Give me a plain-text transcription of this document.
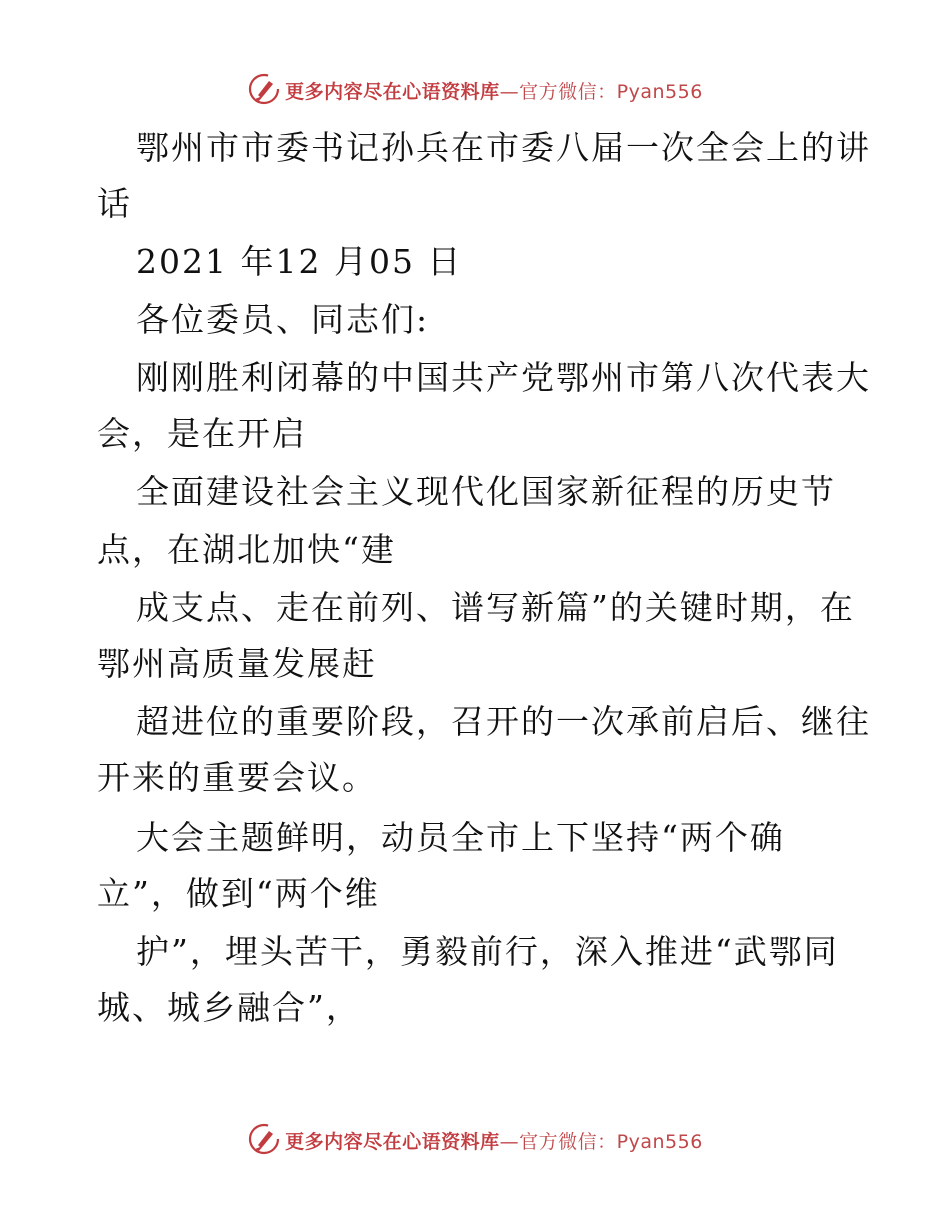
更多内容尽在心语资料库—官方微信：Pyan556
鄂州市市委书记孙兵在市委八届一次全会上的讲
话
2021 年12 月05 日
各位委员、同志们:
刚刚胜利闭幕的中国共产党鄂州市第八次代表大
会，是在开启
全面建设社会主义现代化国家新征程的历史节
点，在湖北加快“建
成支点、走在前列、谱写新篇”的关键时期，在
鄂州高质量发展赶
超进位的重要阶段，召开的一次承前启后、继往
开来的重要会议。
大会主题鲜明，动员全市上下坚持“两个确
立”，做到“两个维
护”，埋头苦干，勇毅前行，深入推进“武鄂同
城、城乡融合”，
更多内容尽在心语资料库—官方微信：Pyan556
